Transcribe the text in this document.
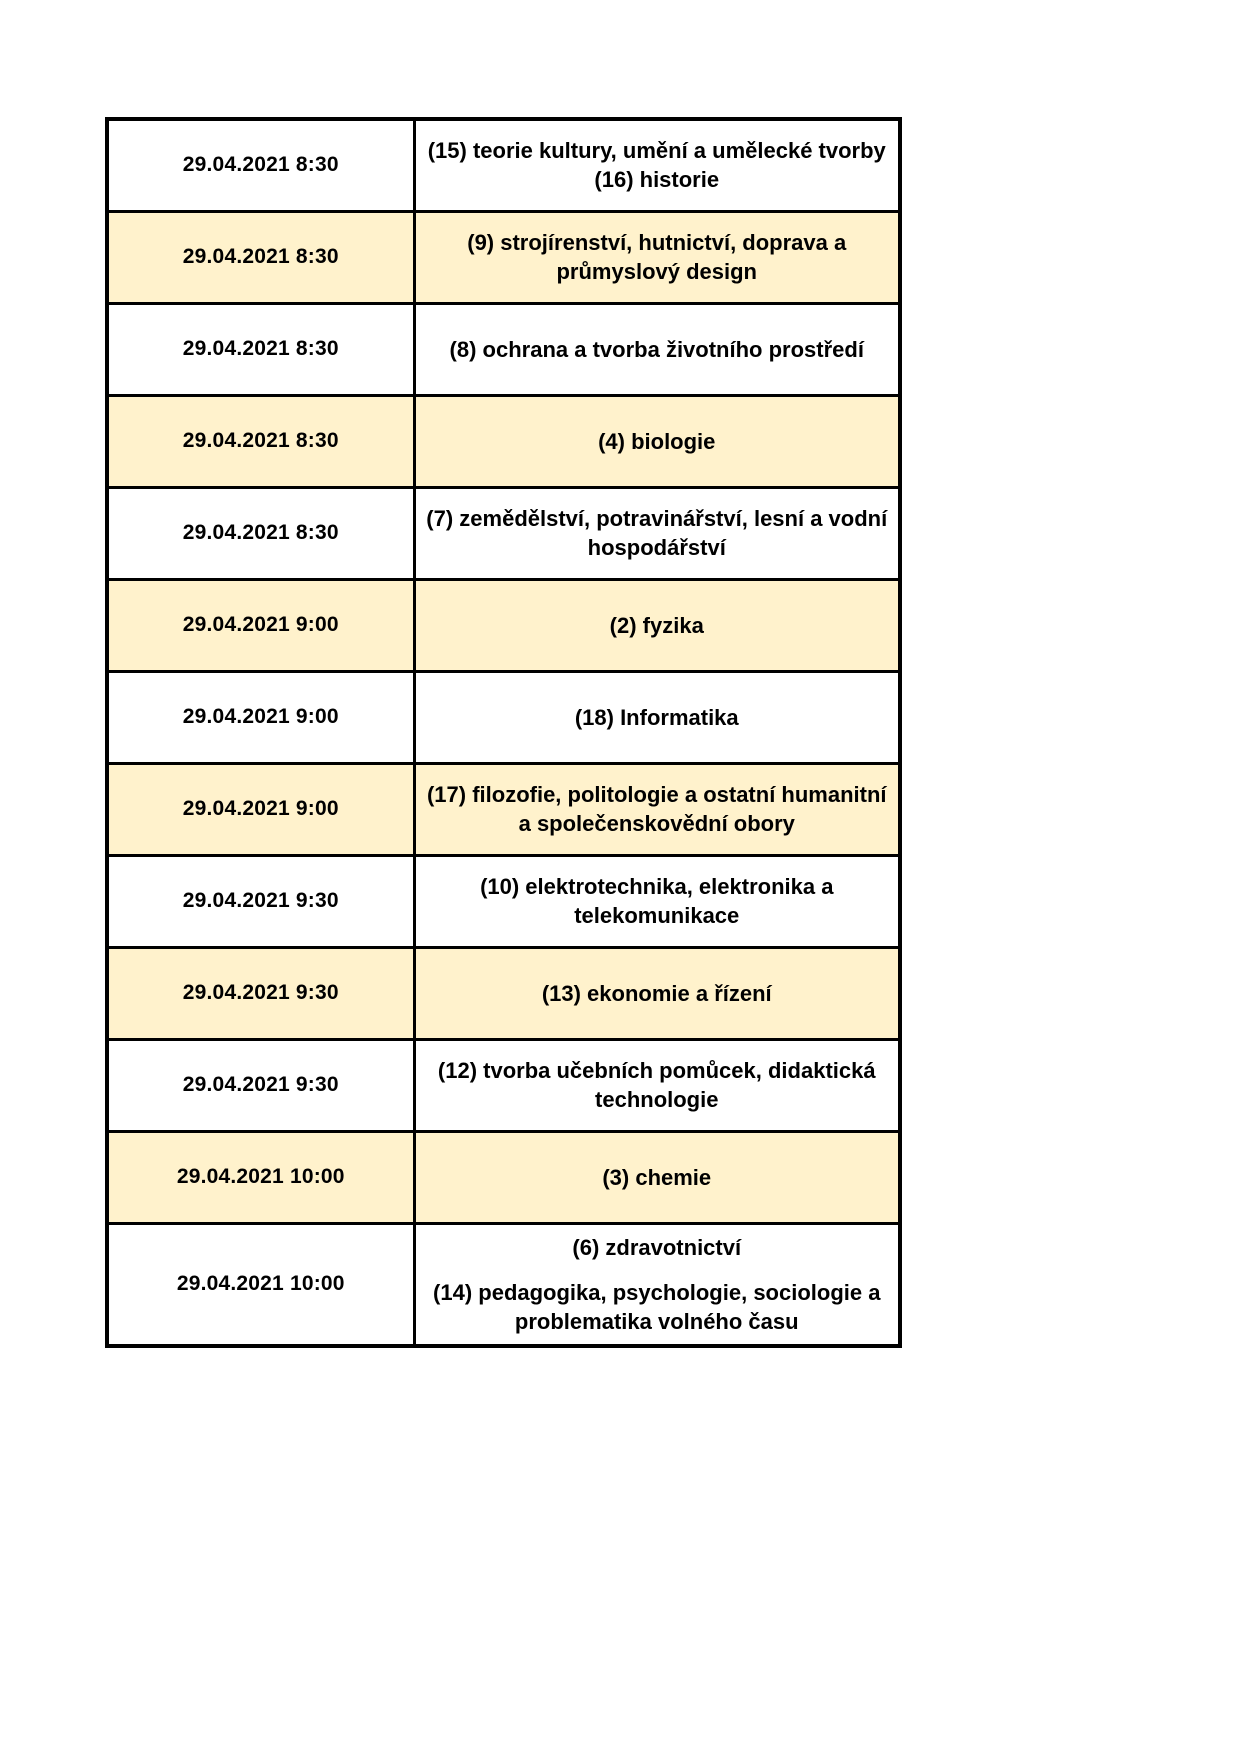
29.04.2021 8:30	(15) teorie kultury, umění a umělecké tvorby
(16) historie

29.04.2021 8:30	(9) strojírenství, hutnictví, doprava a průmyslový design

29.04.2021 8:30	(8) ochrana a tvorba životního prostředí

29.04.2021 8:30	(4) biologie

29.04.2021 8:30	(7) zemědělství, potravinářství, lesní a vodní hospodářství

29.04.2021 9:00	(2) fyzika

29.04.2021 9:00	(18) Informatika

29.04.2021 9:00	(17) filozofie, politologie a ostatní humanitní a společenskovědní obory

29.04.2021 9:30	(10) elektrotechnika, elektronika a telekomunikace

29.04.2021 9:30	(13) ekonomie a řízení

29.04.2021 9:30	(12) tvorba učebních pomůcek, didaktická technologie

29.04.2021 10:00	(3) chemie

29.04.2021 10:00	(6) zdravotnictví
(14) pedagogika, psychologie, sociologie a problematika volného času
